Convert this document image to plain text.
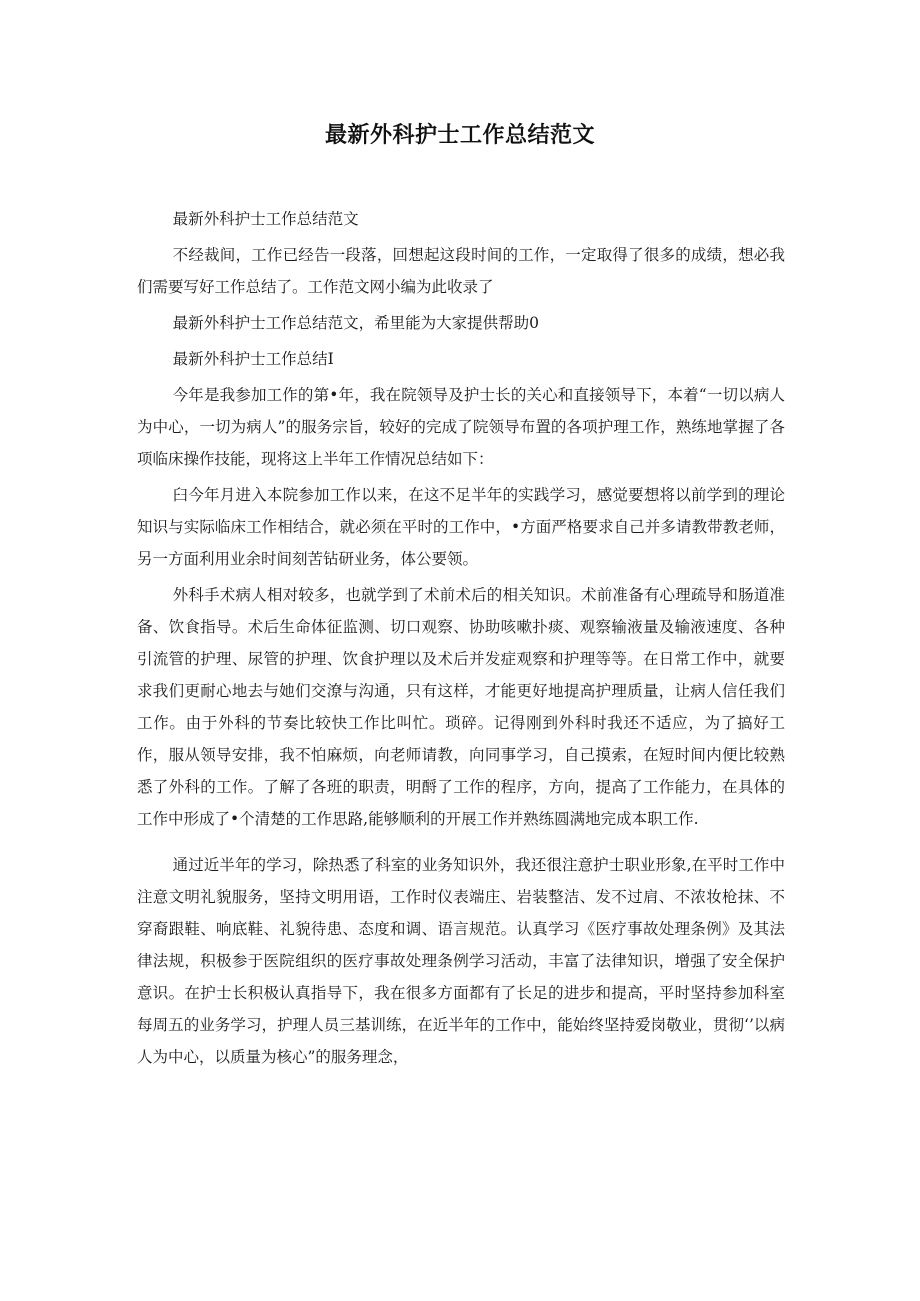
最新外科护士工作总结范文

最新外科护士工作总结范文

不经裁间，工作已经告一段落，回想起这段时间的工作，一定取得了很多的成绩，想必我们需要写好工作总结了。工作范文网小编为此收录了

最新外科护士工作总结范文，希里能为大家提供帮助0

最新外科护士工作总结I

今年是我参加工作的第•年，我在院领导及护士长的关心和直接领导下，本着“一切以病人为中心，一切为病人”的服务宗旨，较好的完成了院领导布置的各项护理工作，熟练地掌握了各项临床操作技能，现将这上半年工作情况总结如下：

臼今年月进入本院参加工作以来，在这不足半年的实践学习，感觉要想将以前学到的理论知识与实际临床工作相结合，就必须在平时的工作中，•方面严格要求自己并多请教带教老师，另一方面利用业余时间刻苦钻研业务，体公要领。

外科手术病人相对较多，也就学到了术前术后的相关知识。术前准备有心理疏导和肠道准备、饮食指导。术后生命体征监测、切口观察、协助咳嗽扑痰、观察输液量及输液速度、各种引流管的护理、尿管的护理、饮食护理以及术后并发症观察和护理等等。在日常工作中，就要求我们更耐心地去与她们交潦与沟通，只有这样，才能更好地提高护理质量，让病人信任我们工作。由于外科的节奏比较快工作比叫忙。琐碎。记得刚到外科时我还不适应，为了搞好工作，服从领导安排，我不怕麻烦，向老师请教，向同事学习，自己摸索，在短时间内便比较熟悉了外科的工作。了解了各班的职责，明酹了工作的程序，方向，提高了工作能力，在具体的工作中形成了•个清楚的工作思路,能够顺利的开展工作并熟练圆满地完成本职工作.

通过近半年的学习，除热悉了科室的业务知识外，我还很注意护士职业形象,在平时工作中注意文明礼貌服务，坚持文明用语，工作时仪表端庄、岩装整洁、发不过肩、不浓妆枪抹、不穿裔跟鞋、响底鞋、礼貌待患、态度和调、语言规范。认真学习《医疗事故处理条例》及其法律法规，积极参于医院组织的医疗事故处理条例学习活动，丰富了法律知识，增强了安全保护意识。在护士长积极认真指导下，我在很多方面都有了长足的进步和提高，平时坚持参加科室每周五的业务学习，护理人员三基训练，在近半年的工作中，能始终坚持爱岗敬业，贯彻‘’以病人为中心，以质量为核心”的服务理念，
